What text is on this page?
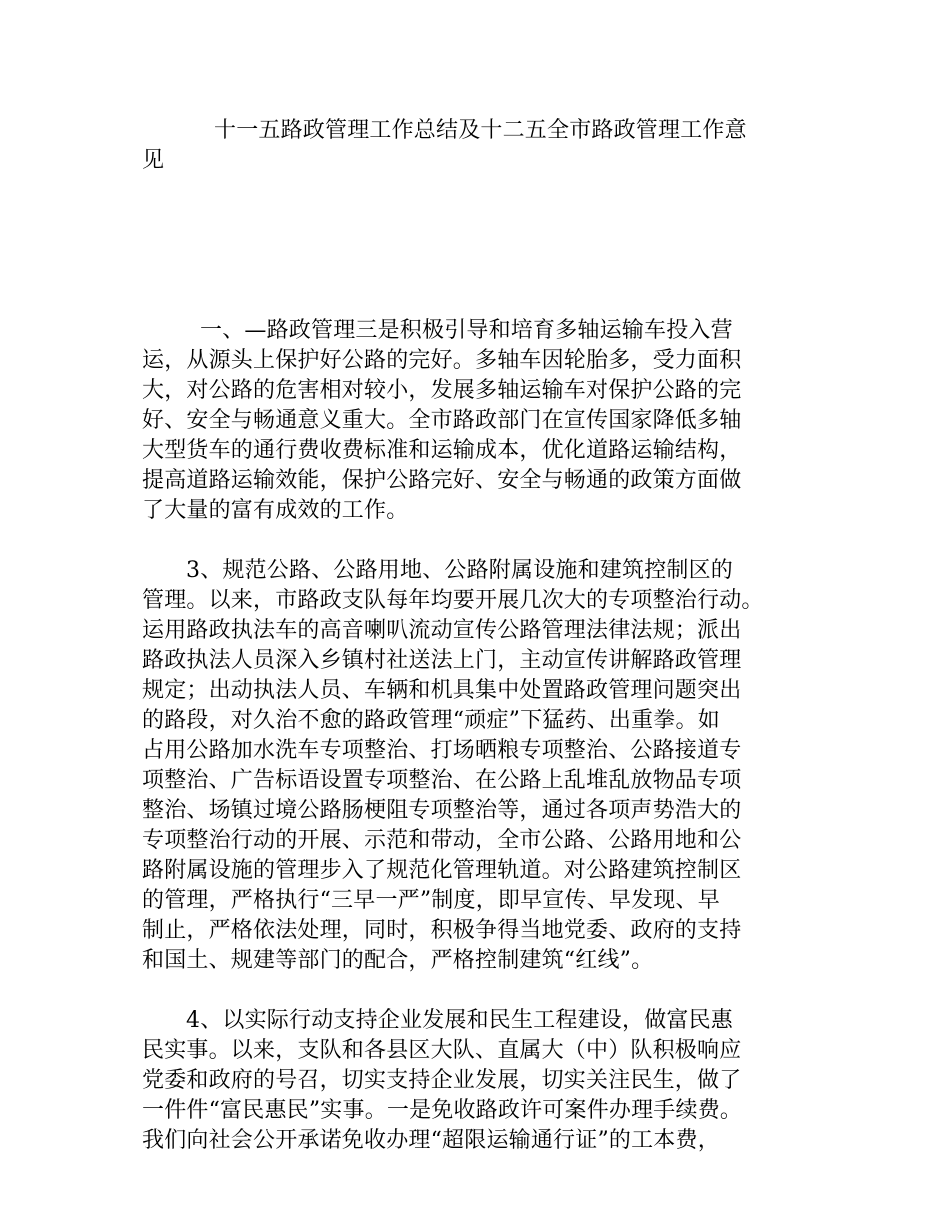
十一五路政管理工作总结及十二五全市路政管理工作意
见
一、—路政管理三是积极引导和培育多轴运输车投入营
运，从源头上保护好公路的完好。多轴车因轮胎多，受力面积
大，对公路的危害相对较小，发展多轴运输车对保护公路的完
好、安全与畅通意义重大。全市路政部门在宣传国家降低多轴
大型货车的通行费收费标准和运输成本，优化道路运输结构，
提高道路运输效能，保护公路完好、安全与畅通的政策方面做
了大量的富有成效的工作。
3、规范公路、公路用地、公路附属设施和建筑控制区的
管理。以来，市路政支队每年均要开展几次大的专项整治行动。
运用路政执法车的高音喇叭流动宣传公路管理法律法规；派出
路政执法人员深入乡镇村社送法上门，主动宣传讲解路政管理
规定；出动执法人员、车辆和机具集中处置路政管理问题突出
的路段，对久治不愈的路政管理“顽症”下猛药、出重拳。如
占用公路加水洗车专项整治、打场晒粮专项整治、公路接道专
项整治、广告标语设置专项整治、在公路上乱堆乱放物品专项
整治、场镇过境公路肠梗阻专项整治等，通过各项声势浩大的
专项整治行动的开展、示范和带动，全市公路、公路用地和公
路附属设施的管理步入了规范化管理轨道。对公路建筑控制区
的管理，严格执行“三早一严”制度，即早宣传、早发现、早
制止，严格依法处理，同时，积极争得当地党委、政府的支持
和国土、规建等部门的配合，严格控制建筑“红线”。
4、以实际行动支持企业发展和民生工程建设，做富民惠
民实事。以来，支队和各县区大队、直属大（中）队积极响应
党委和政府的号召，切实支持企业发展，切实关注民生，做了
一件件“富民惠民”实事。一是免收路政许可案件办理手续费。
我们向社会公开承诺免收办理“超限运输通行证”的工本费，
